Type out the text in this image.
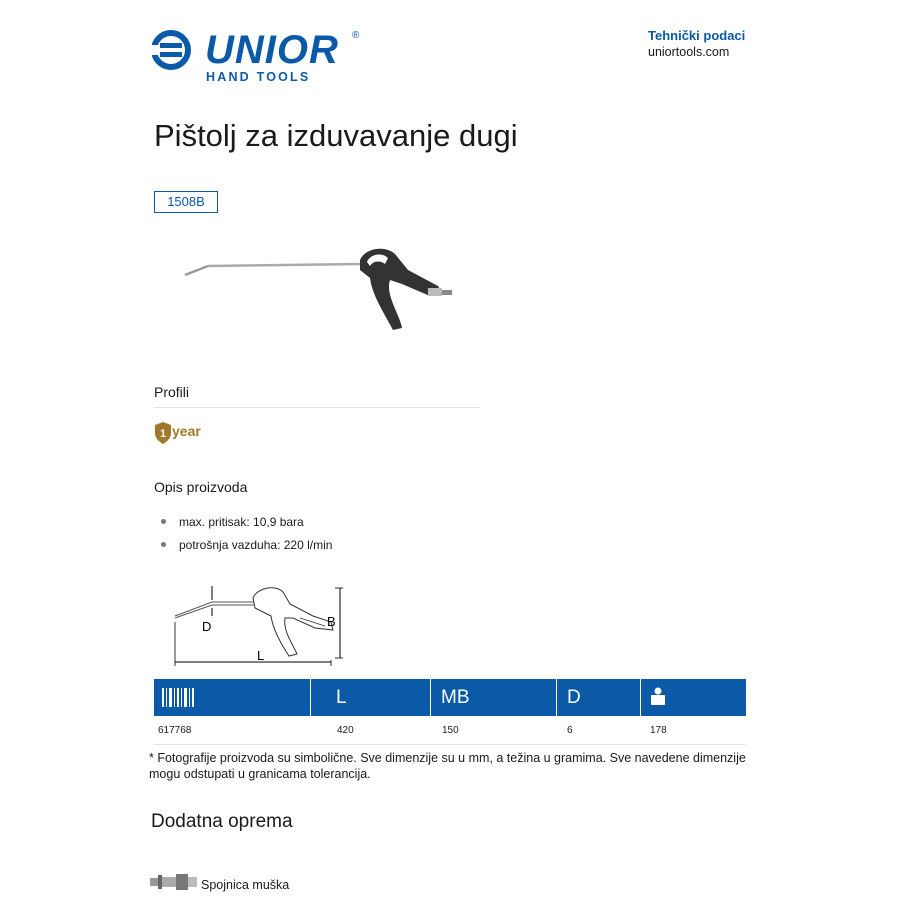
UNIOR ®
HAND TOOLS
Tehnički podaci
uniortools.com
Pištolj za izduvavanje dugi
1508B
Profili
1 year
Opis proizvoda
max. pritisak: 10,9 bara
potrošnja vazduha: 220 l/min
D	B
L
L	MB	D
617768	420	150	6	178
* Fotografije proizvoda su simbolične. Sve dimenzije su u mm, a težina u gramima. Sve navedene dimenzije mogu odstupati u granicama tolerancija.
Dodatna oprema
Spojnica muška
